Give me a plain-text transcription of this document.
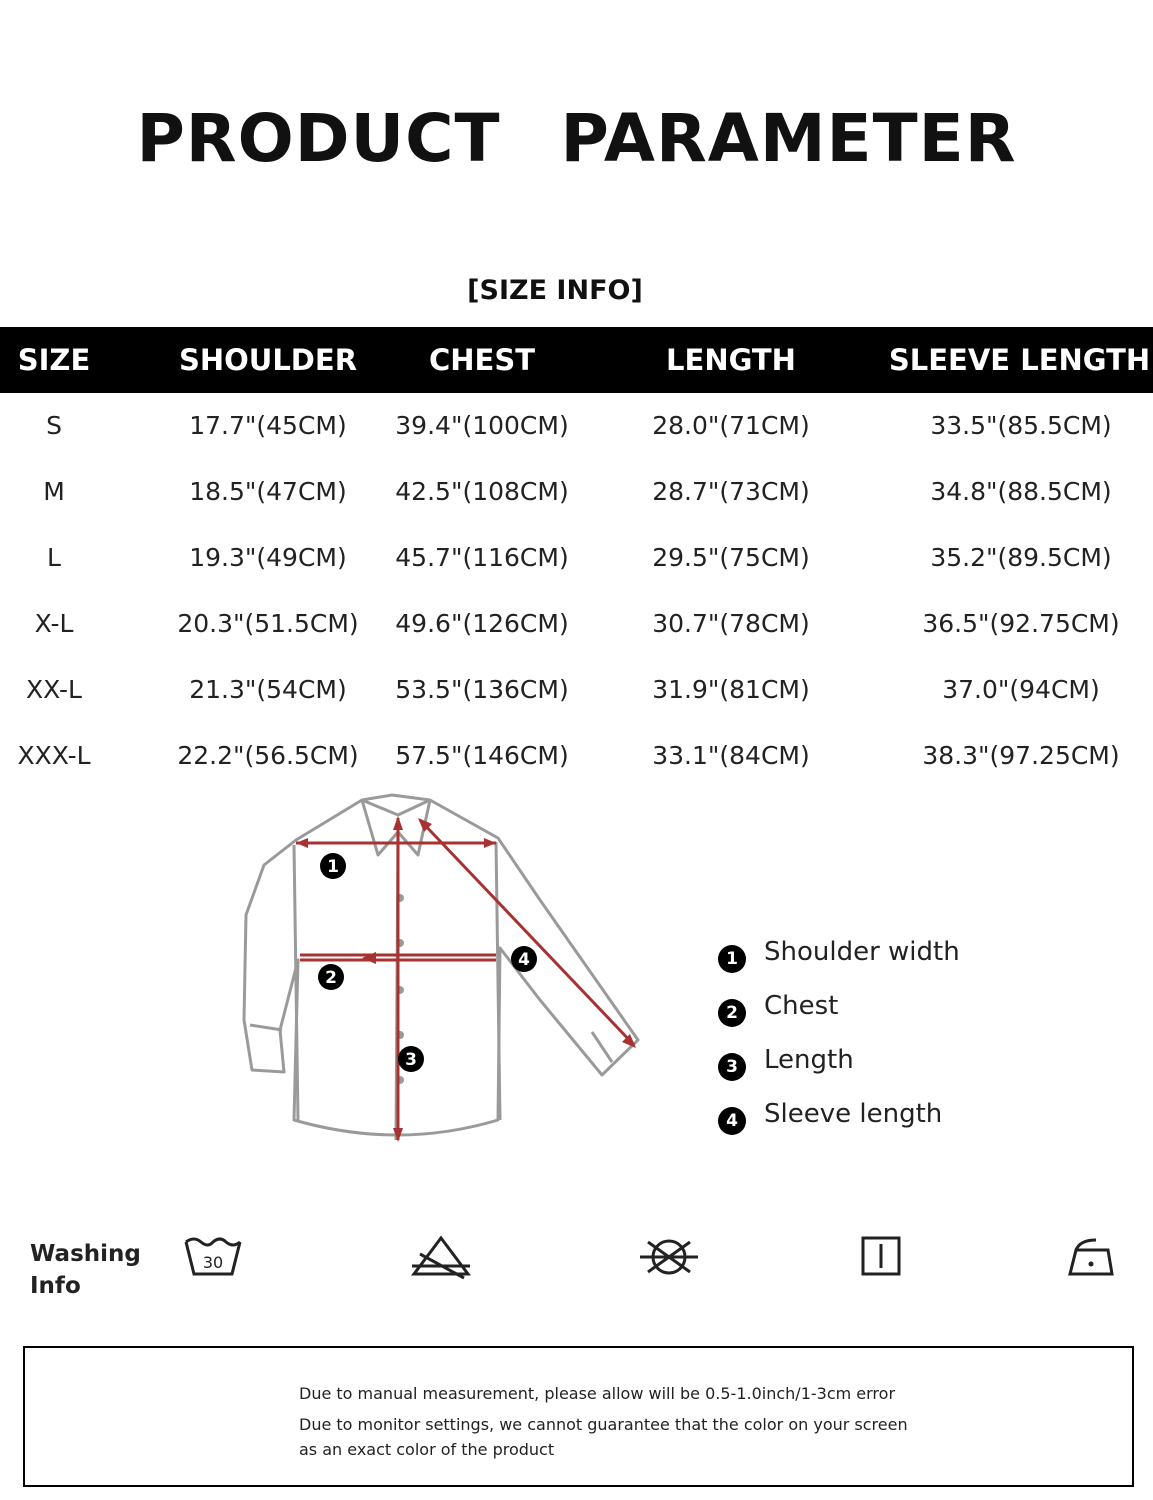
PRODUCT PARAMETER
[SIZE INFO]
SIZE	SHOULDER	CHEST	LENGTH	SLEEVE LENGTH
S	17.7"(45CM)	39.4"(100CM)	28.0"(71CM)	33.5"(85.5CM)
M	18.5"(47CM)	42.5"(108CM)	28.7"(73CM)	34.8"(88.5CM)
L	19.3"(49CM)	45.7"(116CM)	29.5"(75CM)	35.2"(89.5CM)
X-L	20.3"(51.5CM)	49.6"(126CM)	30.7"(78CM)	36.5"(92.75CM)
XX-L	21.3"(54CM)	53.5"(136CM)	31.9"(81CM)	37.0"(94CM)
XXX-L	22.2"(56.5CM)	57.5"(146CM)	33.1"(84CM)	38.3"(97.25CM)
1
2
3
4	1	Shoulder width
2	Chest
3	Length
4	Sleeve length
Washing
Info
30
Due to manual measurement, please allow will be 0.5-1.0inch/1-3cm error
Due to monitor settings, we cannot guarantee that the color on your screen
as an exact color of the product
